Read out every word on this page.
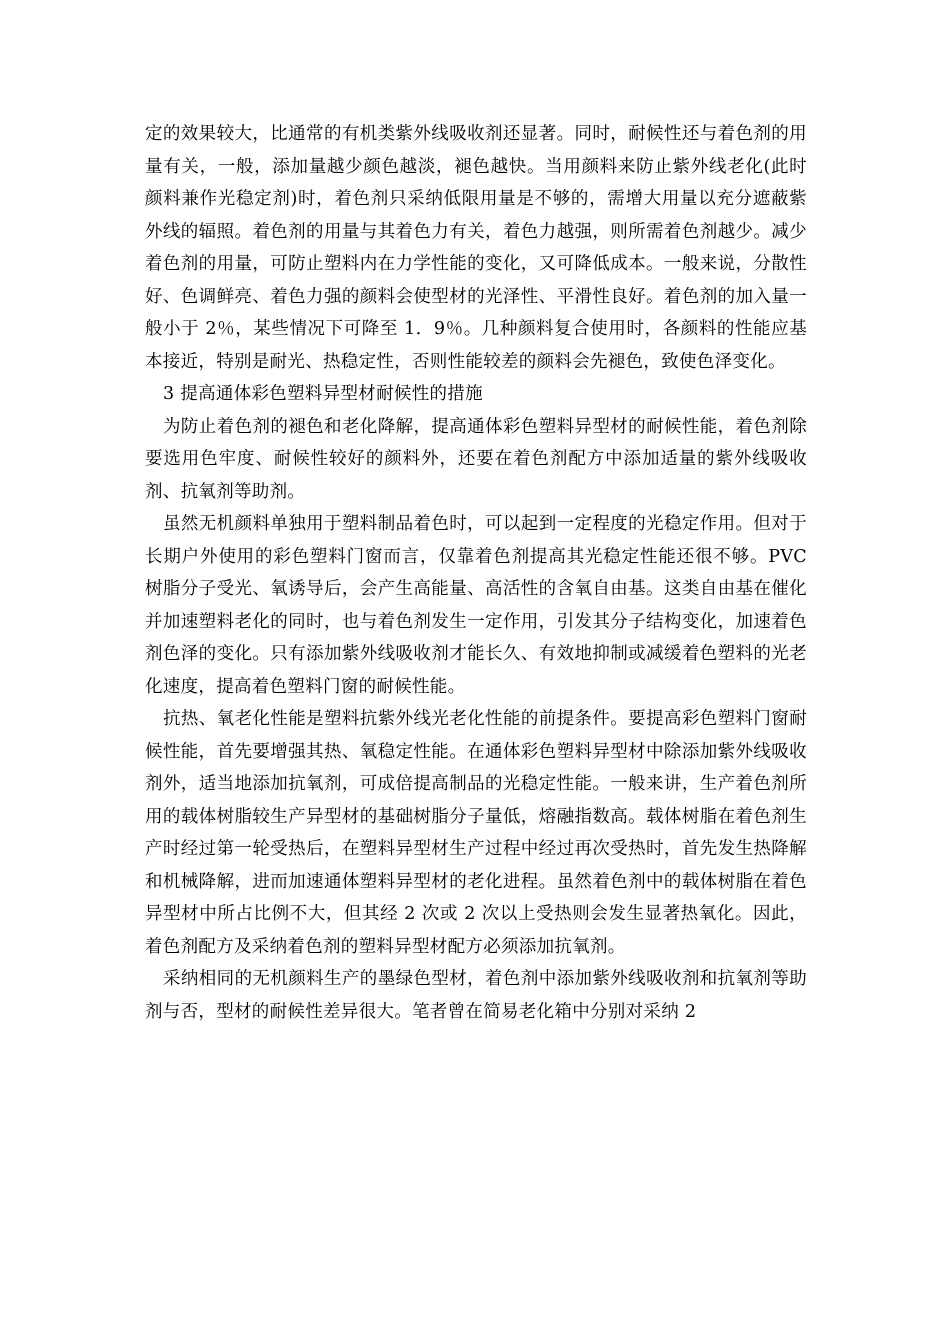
定的效果较大，比通常的有机类紫外线吸收剂还显著。同时，耐候性还与着色剂的用量有关，一般，添加量越少颜色越淡，褪色越快。当用颜料来防止紫外线老化(此时颜料兼作光稳定剂)时，着色剂只采纳低限用量是不够的，需增大用量以充分遮蔽紫外线的辐照。着色剂的用量与其着色力有关，着色力越强，则所需着色剂越少。减少着色剂的用量，可防止塑料内在力学性能的变化，又可降低成本。一般来说，分散性好、色调鲜亮、着色力强的颜料会使型材的光泽性、平滑性良好。着色剂的加入量一般小于 2％，某些情况下可降至 1．9％。几种颜料复合使用时，各颜料的性能应基本接近，特别是耐光、热稳定性，否则性能较差的颜料会先褪色，致使色泽变化。

3 提高通体彩色塑料异型材耐候性的措施

为防止着色剂的褪色和老化降解，提高通体彩色塑料异型材的耐候性能，着色剂除要选用色牢度、耐候性较好的颜料外，还要在着色剂配方中添加适量的紫外线吸收剂、抗氧剂等助剂。

虽然无机颜料单独用于塑料制品着色时，可以起到一定程度的光稳定作用。但对于长期户外使用的彩色塑料门窗而言，仅靠着色剂提高其光稳定性能还很不够。PVC 树脂分子受光、氧诱导后，会产生高能量、高活性的含氧自由基。这类自由基在催化并加速塑料老化的同时，也与着色剂发生一定作用，引发其分子结构变化，加速着色剂色泽的变化。只有添加紫外线吸收剂才能长久、有效地抑制或减缓着色塑料的光老化速度，提高着色塑料门窗的耐候性能。

抗热、氧老化性能是塑料抗紫外线光老化性能的前提条件。要提高彩色塑料门窗耐候性能，首先要增强其热、氧稳定性能。在通体彩色塑料异型材中除添加紫外线吸收剂外，适当地添加抗氧剂，可成倍提高制品的光稳定性能。一般来讲，生产着色剂所用的载体树脂较生产异型材的基础树脂分子量低，熔融指数高。载体树脂在着色剂生产时经过第一轮受热后，在塑料异型材生产过程中经过再次受热时，首先发生热降解和机械降解，进而加速通体塑料异型材的老化进程。虽然着色剂中的载体树脂在着色异型材中所占比例不大，但其经 2 次或 2 次以上受热则会发生显著热氧化。因此，着色剂配方及采纳着色剂的塑料异型材配方必须添加抗氧剂。

采纳相同的无机颜料生产的墨绿色型材，着色剂中添加紫外线吸收剂和抗氧剂等助剂与否，型材的耐候性差异很大。笔者曾在简易老化箱中分别对采纳 2
